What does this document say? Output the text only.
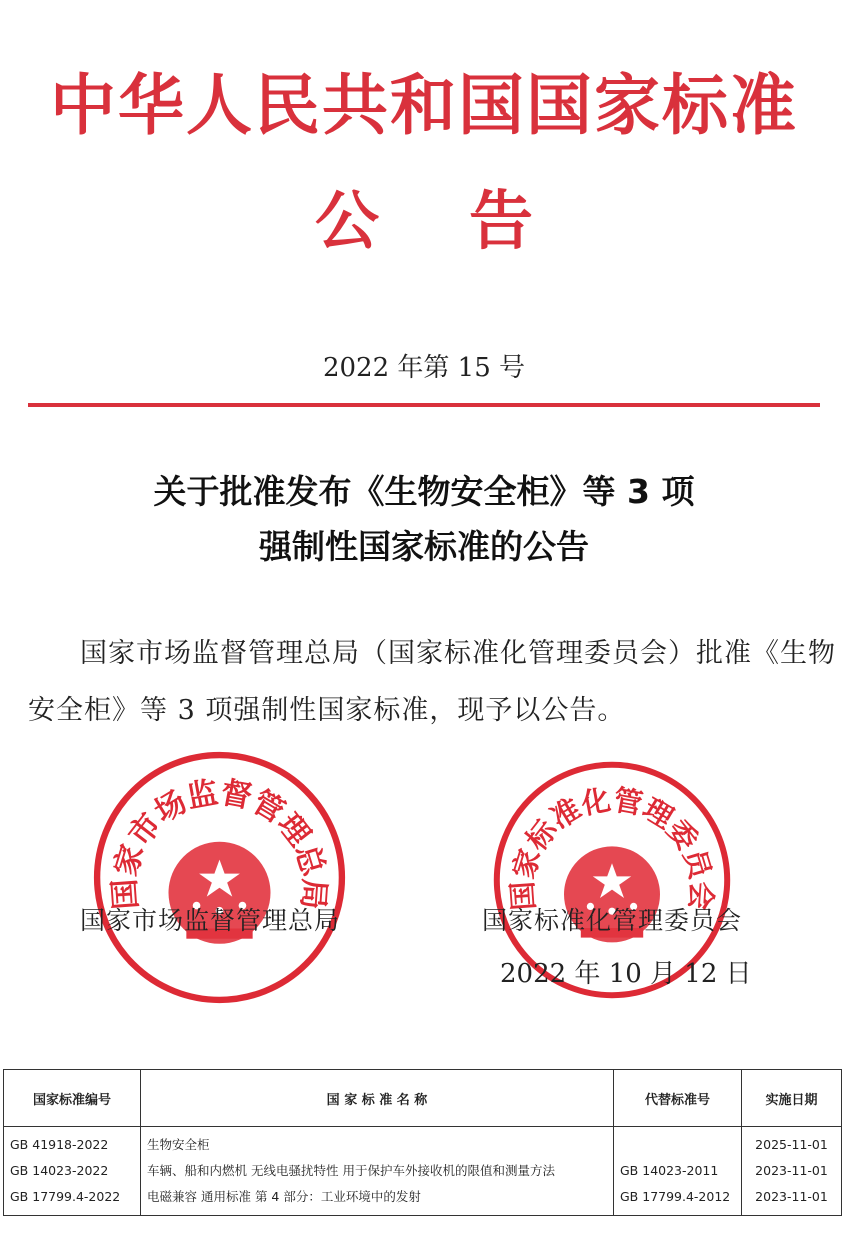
中华人民共和国国家标准
公 告
2022 年第 15 号
关于批准发布《生物安全柜》等 3 项
强制性国家标准的公告
国家市场监督管理总局（国家标准化管理委员会）批准《生物
安全柜》等 3 项强制性国家标准，现予以公告。
国家市场监督管理总局	国家标准化管理委员会
国家市场监督管理总局	国家标准化管理委员会
2022 年 10 月 12 日
国家标准编号	国 家 标 准 名 称	代替标准号	实施日期
GB 41918-2022	生物安全柜		2025-11-01
GB 14023-2022	车辆、船和内燃机 无线电骚扰特性 用于保护车外接收机的限值和测量方法	GB 14023-2011	2023-11-01
GB 17799.4-2022	电磁兼容 通用标准 第 4 部分：工业环境中的发射	GB 17799.4-2012	2023-11-01
